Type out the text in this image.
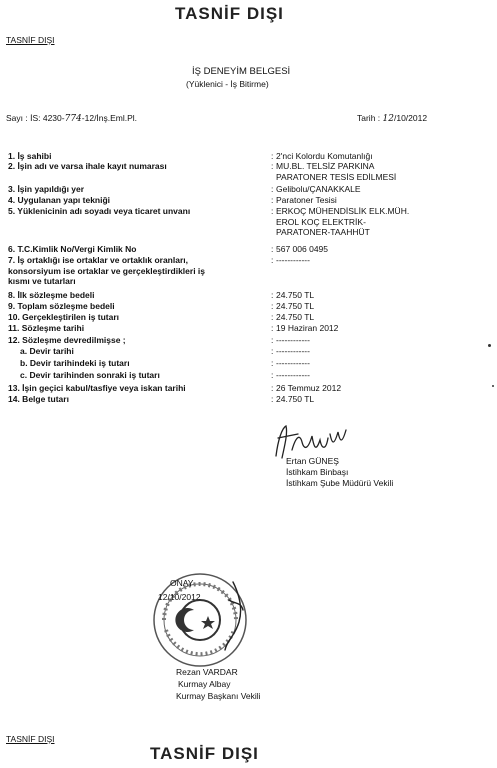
TASNİF DIŞI
TASNİF DIŞI
İŞ DENEYİM BELGESİ
(Yüklenici - İş Bitirme)
Sayı : İS: 4230-774-12/İnş.Eml.Pl.	Tarih : 12/10/2012
1. İş sahibi	: 2'nci Kolordu Komutanlığı
2. İşin adı ve varsa ihale kayıt numarası	: MU.BL. TELSİZ PARKINA
PARATONER TESİS EDİLMESİ
3. İşin yapıldığı yer	: Gelibolu/ÇANAKKALE
4. Uygulanan yapı tekniği	: Paratoner Tesisi
5. Yüklenicinin adı soyadı veya ticaret unvanı	: ERKOÇ MÜHENDİSLİK ELK.MÜH.
EROL KOÇ ELEKTRİK-
PARATONER-TAAHHÜT
6. T.C.Kimlik No/Vergi Kimlik No	: 567 006 0495
7. İş ortaklığı ise ortaklar ve ortaklık oranları,
konsorsiyum ise ortaklar ve gerçekleştirdikleri iş
kısmı ve tutarları
: ------------
8. İlk sözleşme bedeli	: 24.750 TL
9. Toplam sözleşme bedeli	: 24.750 TL
10. Gerçekleştirilen iş tutarı	: 24.750 TL
11. Sözleşme tarihi	: 19 Haziran 2012
12. Sözleşme devredilmişse ;	: ------------
a. Devir tarihi	: ------------
b. Devir tarihindeki iş tutarı	: ------------
c. Devir tarihinden sonraki iş tutarı	: ------------
13. İşin geçici kabul/tasfiye veya iskan tarihi	: 26 Temmuz 2012
14. Belge tutarı	: 24.750 TL
Ertan GÜNEŞ
İstihkam Binbaşı
İstihkam Şube Müdürü Vekili
ONAY
12/10/2012
Rezan VARDAR
Kurmay Albay
Kurmay Başkanı Vekili
TASNİF DIŞI
TASNİF DIŞI
